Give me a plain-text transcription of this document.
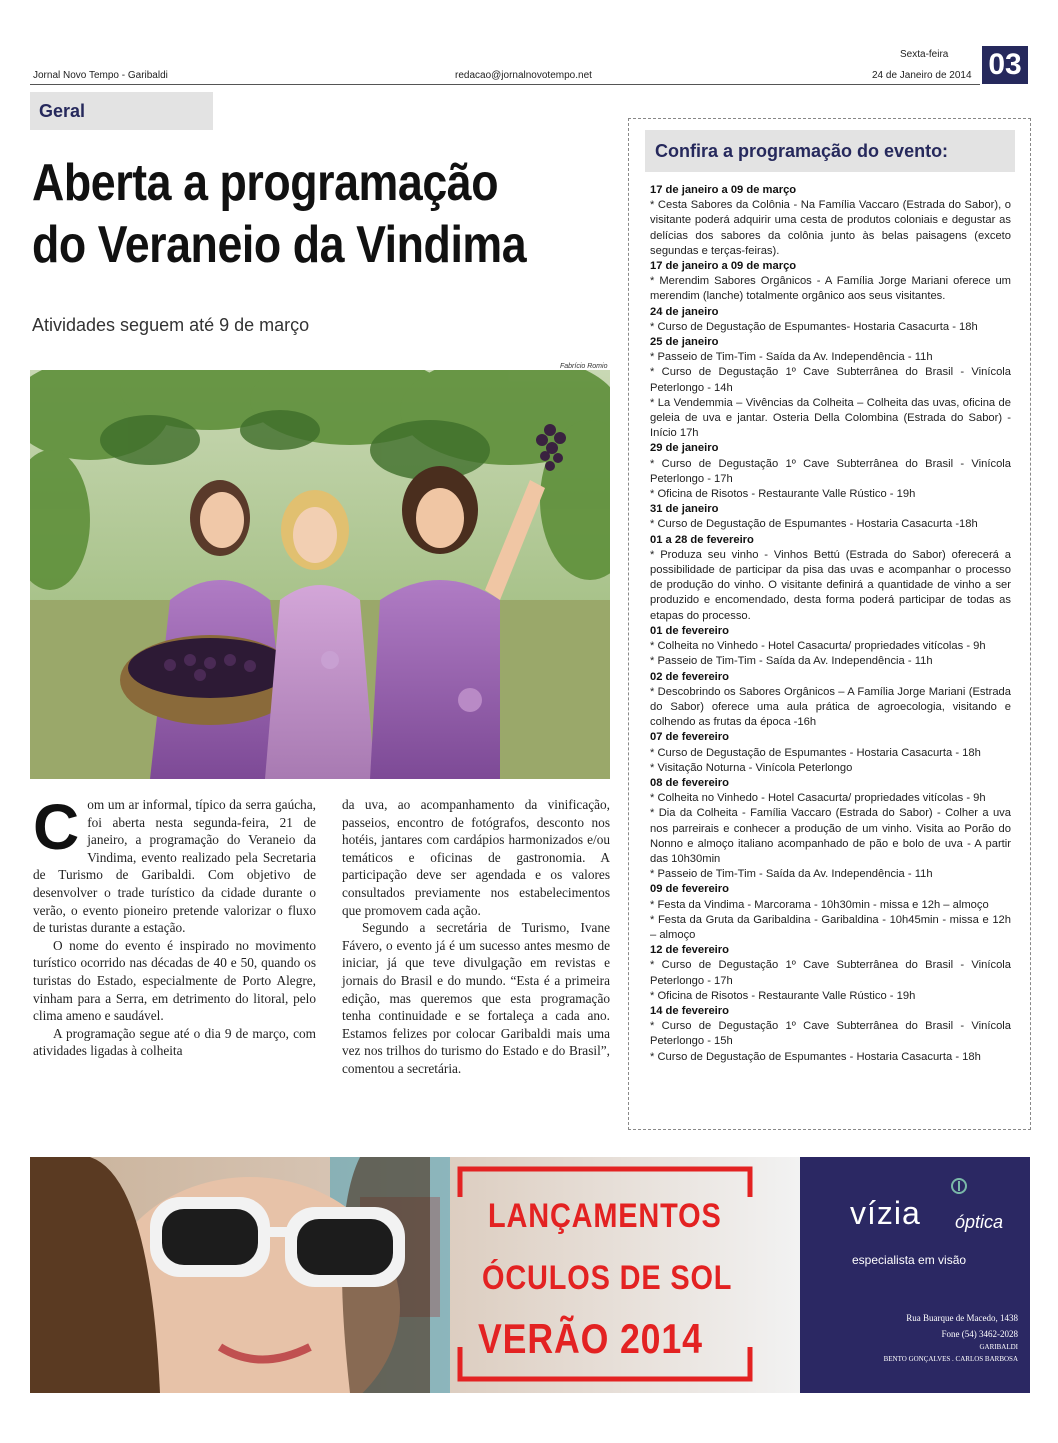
Jornal Novo Tempo - Garibaldi	redacao@jornalnovotempo.net
Sexta-feira
24 de Janeiro de 2014 03
Geral
Aberta a programação
do Veraneio da Vindima
Atividades seguem até 9 de março
Fabrício Romio
C om um ar informal, típico da serra gaúcha, foi aberta nesta segunda-feira, 21 de janeiro, a programação do Veraneio da Vindima, evento realizado pela Secretaria de Turismo de Garibaldi. Com objetivo de desenvolver o trade turístico da cidade durante o verão, o evento pioneiro pretende valorizar o fluxo de turistas durante a estação.

O nome do evento é inspirado no movimento turístico ocorrido nas décadas de 40 e 50, quando os turistas do Estado, especialmente de Porto Alegre, vinham para a Serra, em detrimento do litoral, pelo clima ameno e saudável.

A programação segue até o dia 9 de março, com atividades ligadas à colheita

da uva, ao acompanhamento da vinificação, passeios, encontro de fotógrafos, desconto nos hotéis, jantares com cardápios harmonizados e/ou temáticos e oficinas de gastronomia. A participação deve ser agendada e os valores consultados previamente nos estabelecimentos que promovem cada ação.

Segundo a secretária de Turismo, Ivane Fávero, o evento já é um sucesso antes mesmo de iniciar, já que teve divulgação em revistas e jornais do Brasil e do mundo. “Esta é a primeira edição, mas queremos que esta programação tenha continuidade e se fortaleça a cada ano. Estamos felizes por colocar Garibaldi mais uma vez nos trilhos do turismo do Estado e do Brasil”, comentou a secretária.

Confira a programação do evento:
17 de janeiro a 09 de março
* Cesta Sabores da Colônia - Na Família Vaccaro (Estrada do Sabor), o visitante poderá adquirir uma cesta de produtos coloniais e degustar as delícias dos sabores da colônia junto às belas paisagens (exceto segundas e terças-feiras).
17 de janeiro a 09 de março
* Merendim Sabores Orgânicos - A Família Jorge Mariani oferece um merendim (lanche) totalmente orgânico aos seus visitantes.
24 de janeiro
* Curso de Degustação de Espumantes- Hostaria Casacurta - 18h
25 de janeiro
* Passeio de Tim-Tim - Saída da Av. Independência - 11h
* Curso de Degustação 1º Cave Subterrânea do Brasil - Vinícola Peterlongo - 14h
* La Vendemmia – Vivências da Colheita – Colheita das uvas, oficina de geleia de uva e jantar. Osteria Della Colombina (Estrada do Sabor) - Início 17h
29 de janeiro
* Curso de Degustação 1º Cave Subterrânea do Brasil - Vinícola Peterlongo - 17h
* Oficina de Risotos - Restaurante Valle Rústico - 19h
31 de janeiro
* Curso de Degustação de Espumantes - Hostaria Casacurta -18h
01 a 28 de fevereiro
* Produza seu vinho - Vinhos Bettú (Estrada do Sabor) oferecerá a possibilidade de participar da pisa das uvas e acompanhar o processo de produção do vinho. O visitante definirá a quantidade de vinho a ser produzido e encomendado, desta forma poderá participar de todas as etapas do processo.
01 de fevereiro
* Colheita no Vinhedo - Hotel Casacurta/ propriedades vitícolas - 9h
* Passeio de Tim-Tim - Saída da Av. Independência - 11h
02 de fevereiro
* Descobrindo os Sabores Orgânicos – A Família Jorge Mariani (Estrada do Sabor) oferece uma aula prática de agroecologia, visitando e colhendo as frutas da época -16h
07 de fevereiro
* Curso de Degustação de Espumantes - Hostaria Casacurta - 18h
* Visitação Noturna - Vinícola Peterlongo
08 de fevereiro
* Colheita no Vinhedo - Hotel Casacurta/ propriedades vitícolas - 9h
* Dia da Colheita - Família Vaccaro (Estrada do Sabor) - Colher a uva nos parreirais e conhecer a produção de um vinho. Visita ao Porão do Nonno e almoço italiano acompanhado de pão e bolo de uva - A partir das 10h30min
* Passeio de Tim-Tim - Saída da Av. Independência - 11h
09 de fevereiro
* Festa da Vindima - Marcorama - 10h30min - missa e 12h – almoço
* Festa da Gruta da Garibaldina - Garibaldina - 10h45min - missa e 12h – almoço
12 de fevereiro
* Curso de Degustação 1º Cave Subterrânea do Brasil - Vinícola Peterlongo - 17h
* Oficina de Risotos - Restaurante Valle Rústico - 19h
14 de fevereiro
* Curso de Degustação 1º Cave Subterrânea do Brasil - Vinícola Peterlongo - 15h
* Curso de Degustação de Espumantes - Hostaria Casacurta - 18h
LANÇAMENTOS
ÓCULOS DE SOL
VERÃO 2014
vízia óptica
especialista em visão
Rua Buarque de Macedo, 1438
Fone (54) 3462-2028
GARIBALDI
BENTO GONÇALVES . CARLOS BARBOSA
